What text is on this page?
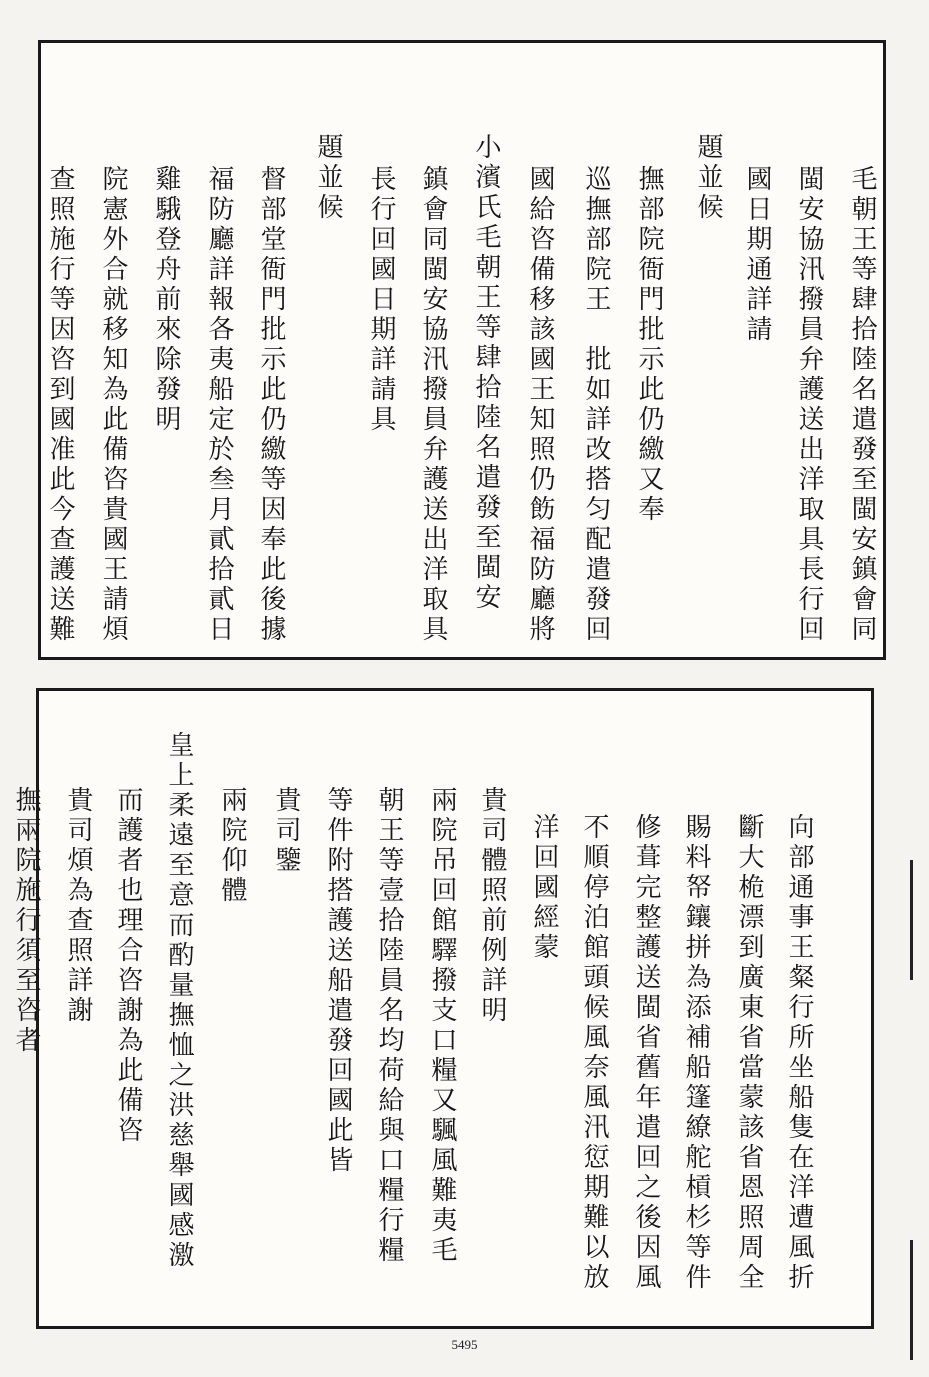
毛朝王等肆拾陸名遣發至閩安鎮會同
閩安協汛撥員弁護送出洋取具長行回
國日期通詳請
題並候
撫部院衙門批示此仍繳又奉
巡撫部院王　批如詳改搭匀配遣發回
國給咨備移該國王知照仍飭福防廳將
小濱氏毛朝王等肆拾陸名遣發至閩安
鎮會同閩安協汛撥員弁護送出洋取具
長行回國日期詳請具
題並候
督部堂衙門批示此仍繳等因奉此後據
福防廳詳報各夷船定於叁月貳拾貳日
雞騀登舟前來除發明
院憲外合就移知為此備咨貴國王請煩
查照施行等因咨到國准此今查護送難
向部通事王粲行所坐船隻在洋遭風折
斷大桅漂到廣東省當蒙該省恩照周全
賜料帑鑲拼為添補船篷繚舵槓杉等件
修葺完整護送閩省舊年遣回之後因風
不順停泊館頭候風奈風汛愆期難以放
洋回國經蒙
貴司體照前例詳明
兩院吊回館驛撥支口糧又颿風難夷毛
朝王等壹拾陸員名均荷給與口糧行糧
等件附搭護送船遣發回國此皆
貴司鑒
兩院仰體
皇上柔遠至意而酌量撫恤之洪慈舉國感激
而護者也理合咨謝為此備咨
貴司煩為查照詳謝
撫兩院施行須至咨者
5495
